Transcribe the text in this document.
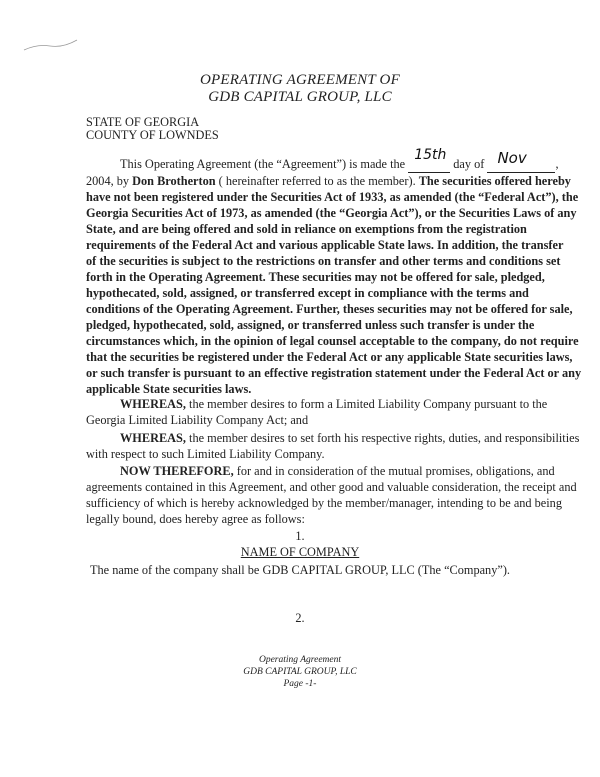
OPERATING AGREEMENT OF
GDB CAPITAL GROUP, LLC
STATE OF GEORGIA
COUNTY OF LOWNDES
This Operating Agreement (the “Agreement”) is made the
15th
day of Nov ,
2004, by Don Brotherton ( hereinafter referred to as the member). The securities offered hereby
have not been registered under the Securities Act of 1933, as amended (the “Federal Act”), the
Georgia Securities Act of 1973, as amended (the “Georgia Act”), or the Securities Laws of any
State, and are being offered and sold in reliance on exemptions from the registration
requirements of the Federal Act and various applicable State laws. In addition, the transfer
of the securities is subject to the restrictions on transfer and other terms and conditions set
forth in the Operating Agreement. These securities may not be offered for sale, pledged,
hypothecated, sold, assigned, or transferred except in compliance with the terms and
conditions of the Operating Agreement. Further, theses securities may not be offered for sale,
pledged, hypothecated, sold, assigned, or transferred unless such transfer is under the
circumstances which, in the opinion of legal counsel acceptable to the company, do not require
that the securities be registered under the Federal Act or any applicable State securities laws,
or such transfer is pursuant to an effective registration statement under the Federal Act or any
applicable State securities laws.
WHEREAS, the member desires to form a Limited Liability Company pursuant to the
Georgia Limited Liability Company Act; and
WHEREAS, the member desires to set forth his respective rights, duties, and responsibilities
with respect to such Limited Liability Company.
NOW THEREFORE, for and in consideration of the mutual promises, obligations, and
agreements contained in this Agreement, and other good and valuable consideration, the receipt and
sufficiency of which is hereby acknowledged by the member/manager, intending to be and being
legally bound, does hereby agree as follows:
1.
NAME OF COMPANY
The name of the company shall be GDB CAPITAL GROUP, LLC (The “Company”).
2.
Operating Agreement
GDB CAPITAL GROUP, LLC
Page -1-
